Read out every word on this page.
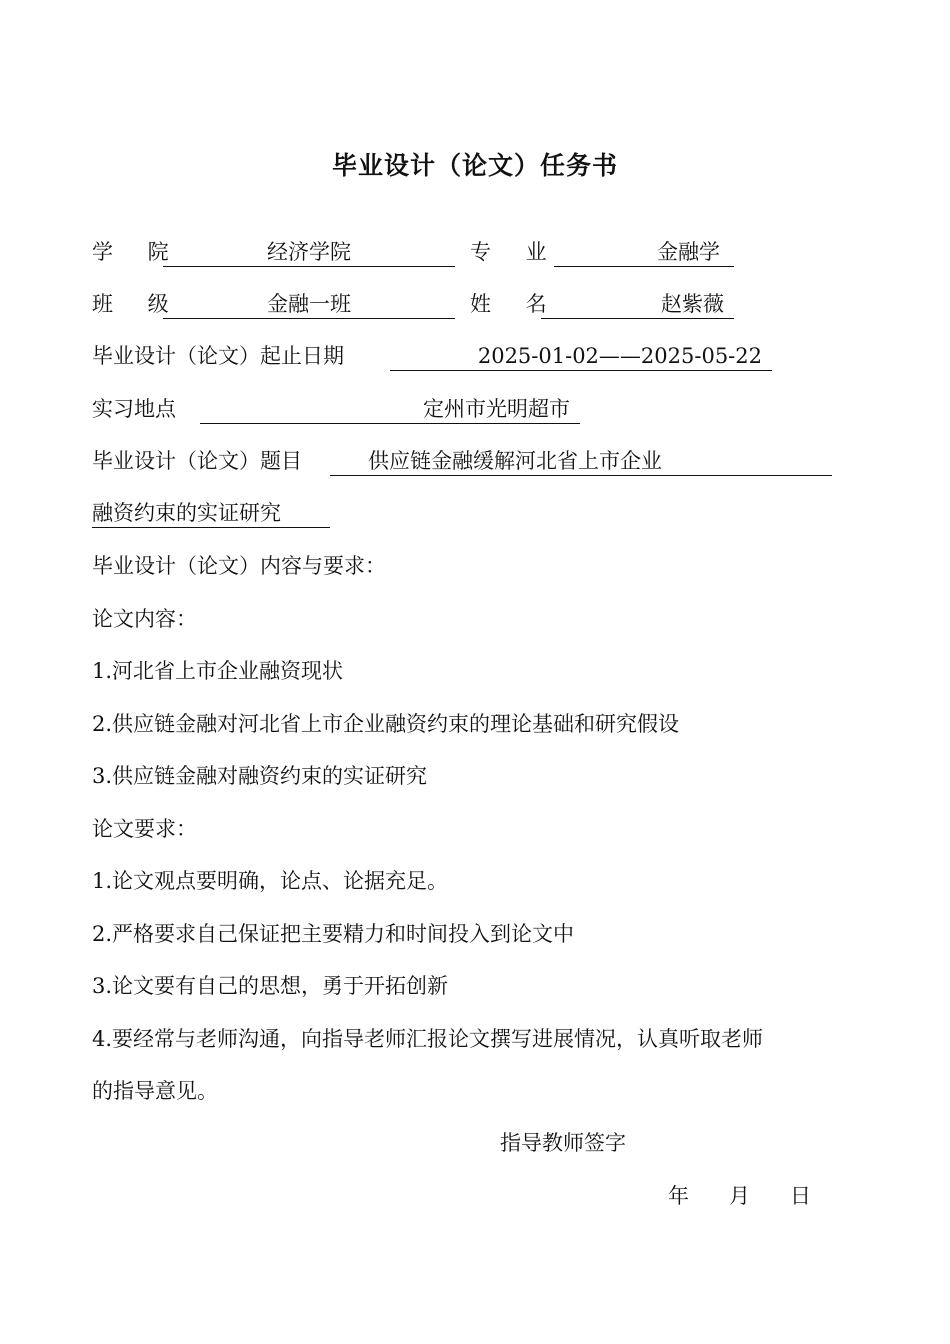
毕业设计（论文）任务书
学 院	经济学院	专 业	金融学
班 级	金融一班	姓 名	赵紫薇
毕业设计（论文）起止日期	2025-01-02——2025-05-22
实习地点	定州市光明超市
毕业设计（论文）题目	供应链金融缓解河北省上市企业
融资约束的实证研究
毕业设计（论文）内容与要求：
论文内容：
1.河北省上市企业融资现状
2.供应链金融对河北省上市企业融资约束的理论基础和研究假设
3.供应链金融对融资约束的实证研究
论文要求：
1.论文观点要明确，论点、论据充足。
2.严格要求自己保证把主要精力和时间投入到论文中
3.论文要有自己的思想，勇于开拓创新
4.要经常与老师沟通，向指导老师汇报论文撰写进展情况，认真听取老师
的指导意见。
指导教师签字
年 月 日
